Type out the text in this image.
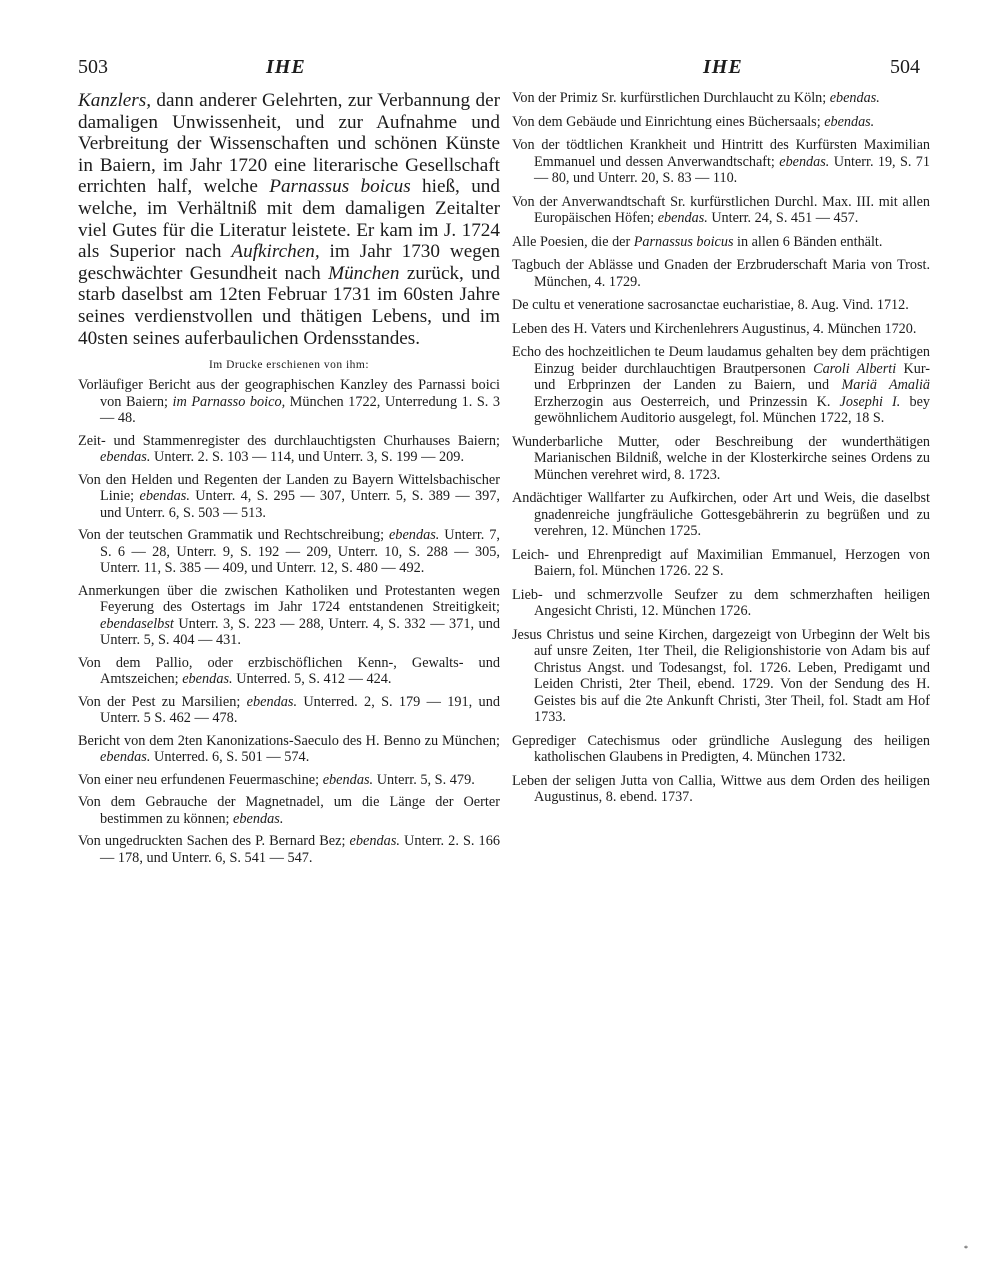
503	IHE	IHE	504

Kanzlers, dann anderer Gelehrten, zur Verbannung der damaligen Unwissenheit, und zur Aufnahme und Verbreitung der Wissenschaften und schönen Künste in Baiern, im Jahr 1720 eine literarische Gesellschaft errichten half, welche Parnassus boicus hieß, und welche, im Verhältniß mit dem damaligen Zeitalter viel Gutes für die Literatur leistete. Er kam im J. 1724 als Superior nach Aufkirchen, im Jahr 1730 wegen geschwächter Gesundheit nach München zurück, und starb daselbst am 12ten Februar 1731 im 60sten Jahre seines verdienstvollen und thätigen Lebens, und im 40sten seines auferbaulichen Ordensstandes.

Im Drucke erschienen von ihm:

Vorläufiger Bericht aus der geographischen Kanzley des Parnassi boici von Baiern; im Parnasso boico, München 1722, Unterredung 1. S. 3 — 48.

Zeit- und Stammenregister des durchlauchtigsten Churhauses Baiern; ebendas. Unterr. 2. S. 103 — 114, und Unterr. 3, S. 199 — 209.

Von den Helden und Regenten der Landen zu Bayern Wittelsbachischer Linie; ebendas. Unterr. 4, S. 295 — 307, Unterr. 5, S. 389 — 397, und Unterr. 6, S. 503 — 513.

Von der teutschen Grammatik und Rechtschreibung; ebendas. Unterr. 7, S. 6 — 28, Unterr. 9, S. 192 — 209, Unterr. 10, S. 288 — 305, Unterr. 11, S. 385 — 409, und Unterr. 12, S. 480 — 492.

Anmerkungen über die zwischen Katholiken und Protestanten wegen Feyerung des Ostertags im Jahr 1724 entstandenen Streitigkeit; ebendaselbst Unterr. 3, S. 223 — 288, Unterr. 4, S. 332 — 371, und Unterr. 5, S. 404 — 431.

Von dem Pallio, oder erzbischöflichen Kenn-, Gewalts- und Amtszeichen; ebendas. Unterred. 5, S. 412 — 424.

Von der Pest zu Marsilien; ebendas. Unterred. 2, S. 179 — 191, und Unterr. 5 S. 462 — 478.

Bericht von dem 2ten Kanonizations-Saeculo des H. Benno zu München; ebendas. Unterred. 6, S. 501 — 574.

Von einer neu erfundenen Feuermaschine; ebendas. Unterr. 5, S. 479.

Von dem Gebrauche der Magnetnadel, um die Länge der Oerter bestimmen zu können; ebendas.

Von ungedruckten Sachen des P. Bernard Bez; ebendas. Unterr. 2. S. 166 — 178, und Unterr. 6, S. 541 — 547.

Von der Primiz Sr. kurfürstlichen Durchlaucht zu Köln; ebendas.

Von dem Gebäude und Einrichtung eines Büchersaals; ebendas.

Von der tödtlichen Krankheit und Hintritt des Kurfürsten Maximilian Emmanuel und dessen Anverwandtschaft; ebendas. Unterr. 19, S. 71 — 80, und Unterr. 20, S. 83 — 110.

Von der Anverwandtschaft Sr. kurfürstlichen Durchl. Max. III. mit allen Europäischen Höfen; ebendas. Unterr. 24, S. 451 — 457.

Alle Poesien, die der Parnassus boicus in allen 6 Bänden enthält.

Tagbuch der Ablässe und Gnaden der Erzbruderschaft Maria von Trost. München, 4. 1729.

De cultu et veneratione sacrosanctae eucharistiae, 8. Aug. Vind. 1712.

Leben des H. Vaters und Kirchenlehrers Augustinus, 4. München 1720.

Echo des hochzeitlichen te Deum laudamus gehalten bey dem prächtigen Einzug beider durchlauchtigen Brautpersonen Caroli Alberti Kur- und Erbprinzen der Landen zu Baiern, und Mariä Amaliä Erzherzogin aus Oesterreich, und Prinzessin K. Josephi I. bey gewöhnlichem Auditorio ausgelegt, fol. München 1722, 18 S.

Wunderbarliche Mutter, oder Beschreibung der wunderthätigen Marianischen Bildniß, welche in der Klosterkirche seines Ordens zu München verehret wird, 8. 1723.

Andächtiger Wallfarter zu Aufkirchen, oder Art und Weis, die daselbst gnadenreiche jungfräuliche Gottesgebährerin zu begrüßen und zu verehren, 12. München 1725.

Leich- und Ehrenpredigt auf Maximilian Emmanuel, Herzogen von Baiern, fol. München 1726. 22 S.

Lieb- und schmerzvolle Seufzer zu dem schmerzhaften heiligen Angesicht Christi, 12. München 1726.

Jesus Christus und seine Kirchen, dargezeigt von Urbeginn der Welt bis auf unsre Zeiten, 1ter Theil, die Religionshistorie von Adam bis auf Christus Angst. und Todesangst, fol. 1726. Leben, Predigamt und Leiden Christi, 2ter Theil, ebend. 1729. Von der Sendung des H. Geistes bis auf die 2te Ankunft Christi, 3ter Theil, fol. Stadt am Hof 1733.

Geprediger Catechismus oder gründliche Auslegung des heiligen katholischen Glaubens in Predigten, 4. München 1732.

Leben der seligen Jutta von Callia, Wittwe aus dem Orden des heiligen Augustinus, 8. ebend. 1737.

*
